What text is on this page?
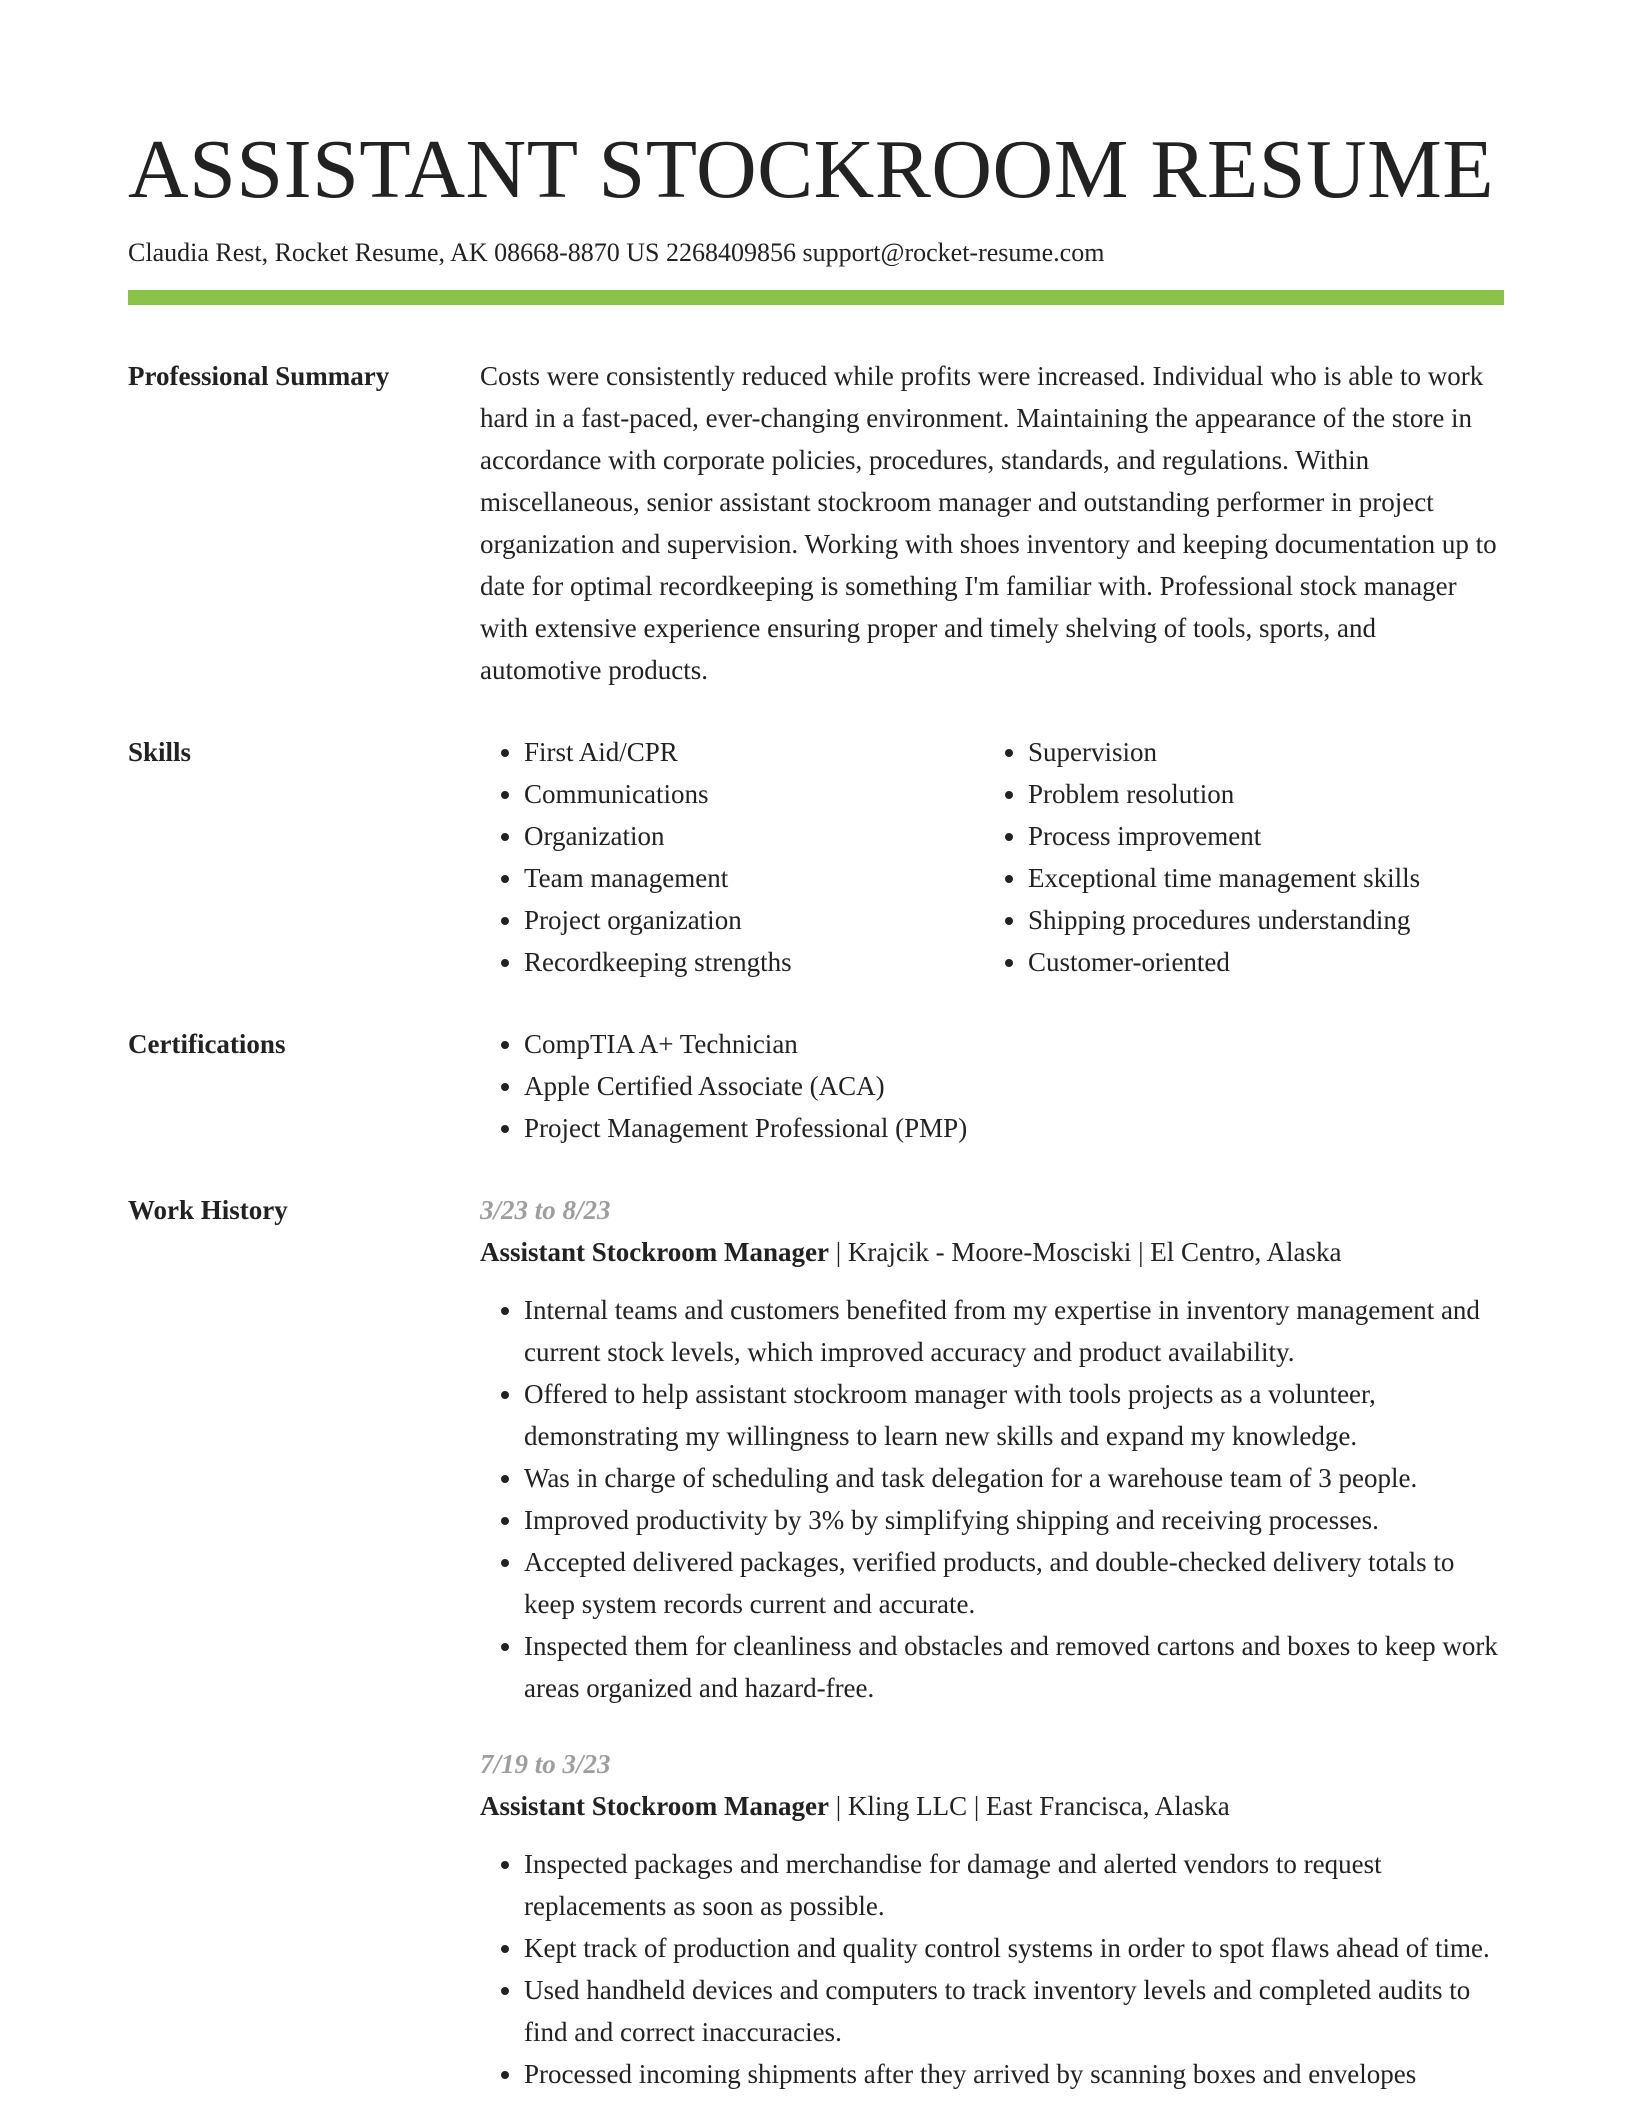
ASSISTANT STOCKROOM RESUME
Claudia Rest, Rocket Resume, AK 08668-8870 US 2268409856 support@rocket-resume.com
Professional Summary	Costs were consistently reduced while profits were increased. Individual who is able to work hard in a fast-paced, ever-changing environment. Maintaining the appearance of the store in accordance with corporate policies, procedures, standards, and regulations. Within miscellaneous, senior assistant stockroom manager and outstanding performer in project organization and supervision. Working with shoes inventory and keeping documentation up to date for optimal recordkeeping is something I'm familiar with. Professional stock manager with extensive experience ensuring proper and timely shelving of tools, sports, and automotive products.

Skills	• First Aid/CPR
• Communications
• Organization
• Team management
• Project organization
• Recordkeeping strengths
• Supervision
• Problem resolution
• Process improvement
• Exceptional time management skills
• Shipping procedures understanding
• Customer-oriented
Certifications	• CompTIA A+ Technician
• Apple Certified Associate (ACA)
• Project Management Professional (PMP)
Work History	3/23 to 8/23
Assistant Stockroom Manager | Krajcik - Moore-Mosciski | El Centro, Alaska
• Internal teams and customers benefited from my expertise in inventory management and current stock levels, which improved accuracy and product availability.
• Offered to help assistant stockroom manager with tools projects as a volunteer, demonstrating my willingness to learn new skills and expand my knowledge.
• Was in charge of scheduling and task delegation for a warehouse team of 3 people.
• Improved productivity by 3% by simplifying shipping and receiving processes.
• Accepted delivered packages, verified products, and double-checked delivery totals to keep system records current and accurate.
• Inspected them for cleanliness and obstacles and removed cartons and boxes to keep work areas organized and hazard-free.
7/19 to 3/23
Assistant Stockroom Manager | Kling LLC | East Francisca, Alaska
• Inspected packages and merchandise for damage and alerted vendors to request replacements as soon as possible.
• Kept track of production and quality control systems in order to spot flaws ahead of time.
• Used handheld devices and computers to track inventory levels and completed audits to find and correct inaccuracies.
• Processed incoming shipments after they arrived by scanning boxes and envelopes
